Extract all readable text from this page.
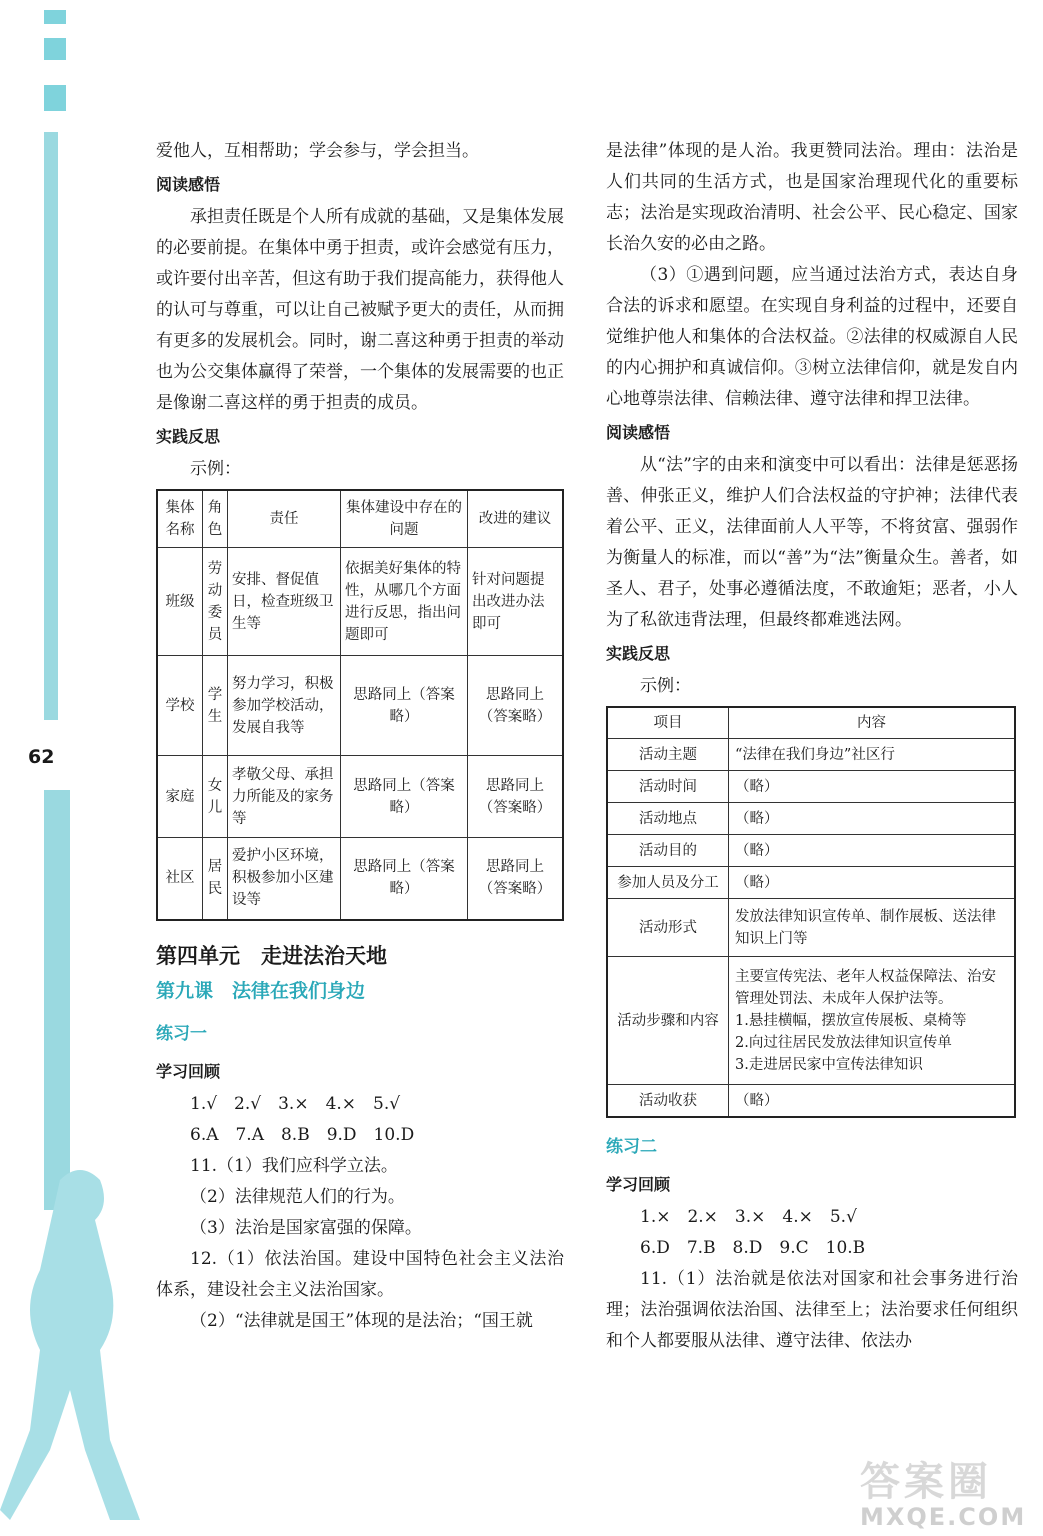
62

爱他人，互相帮助；学会参与，学会担当。

阅读感悟

承担责任既是个人所有成就的基础，又是集体发展的必要前提。在集体中勇于担责，或许会感觉有压力，或许要付出辛苦，但这有助于我们提高能力，获得他人的认可与尊重，可以让自己被赋予更大的责任，从而拥有更多的发展机会。同时，谢二喜这种勇于担责的举动也为公交集体赢得了荣誉，一个集体的发展需要的也正是像谢二喜这样的勇于担责的成员。

实践反思

示例：

集体名称	角色	责任	集体建设中存在的问题	改进的建议
班级	劳动委员	安排、督促值日，检查班级卫生等	依据美好集体的特性，从哪几个方面进行反思，指出问题即可	针对问题提出改进办法即可
学校	学生	努力学习，积极参加学校活动，发展自我等	思路同上（答案略）	思路同上（答案略）
家庭	女儿	孝敬父母、承担力所能及的家务等	思路同上（答案略）	思路同上（答案略）
社区	居民	爱护小区环境，积极参加小区建设等	思路同上（答案略）	思路同上（答案略）

第四单元　走进法治天地

第九课　法律在我们身边

练习一

学习回顾

1.√　2.√　3.×　4.×　5.√

6.A　7.A　8.B　9.D　10.D

11.（1）我们应科学立法。

（2）法律规范人们的行为。

（3）法治是国家富强的保障。

12.（1）依法治国。建设中国特色社会主义法治体系，建设社会主义法治国家。

（2）“法律就是国王”体现的是法治；“国王就

是法律”体现的是人治。我更赞同法治。理由：法治是人们共同的生活方式，也是国家治理现代化的重要标志；法治是实现政治清明、社会公平、民心稳定、国家长治久安的必由之路。

（3）①遇到问题，应当通过法治方式，表达自身合法的诉求和愿望。在实现自身利益的过程中，还要自觉维护他人和集体的合法权益。②法律的权威源自人民的内心拥护和真诚信仰。③树立法律信仰，就是发自内心地尊崇法律、信赖法律、遵守法律和捍卫法律。

阅读感悟

从“法”字的由来和演变中可以看出：法律是惩恶扬善、伸张正义，维护人们合法权益的守护神；法律代表着公平、正义，法律面前人人平等，不将贫富、强弱作为衡量人的标准，而以“善”为“法”衡量众生。善者，如圣人、君子，处事必遵循法度，不敢逾矩；恶者，小人为了私欲违背法理，但最终都难逃法网。

实践反思

示例：

项目	内容
活动主题	“法律在我们身边”社区行
活动时间	（略）
活动地点	（略）
活动目的	（略）
参加人员及分工	（略）
活动形式	发放法律知识宣传单、制作展板、送法律知识上门等
活动步骤和内容	主要宣传宪法、老年人权益保障法、治安管理处罚法、未成年人保护法等。
1.悬挂横幅，摆放宣传展板、桌椅等
2.向过往居民发放法律知识宣传单
3.走进居民家中宣传法律知识
活动收获	（略）

练习二

学习回顾

1.×　2.×　3.×　4.×　5.√

6.D　7.B　8.D　9.C　10.B

11.（1）法治就是依法对国家和社会事务进行治理；法治强调依法治国、法律至上；法治要求任何组织和个人都要服从法律、遵守法律、依法办

答案圈
MXQE.COM
